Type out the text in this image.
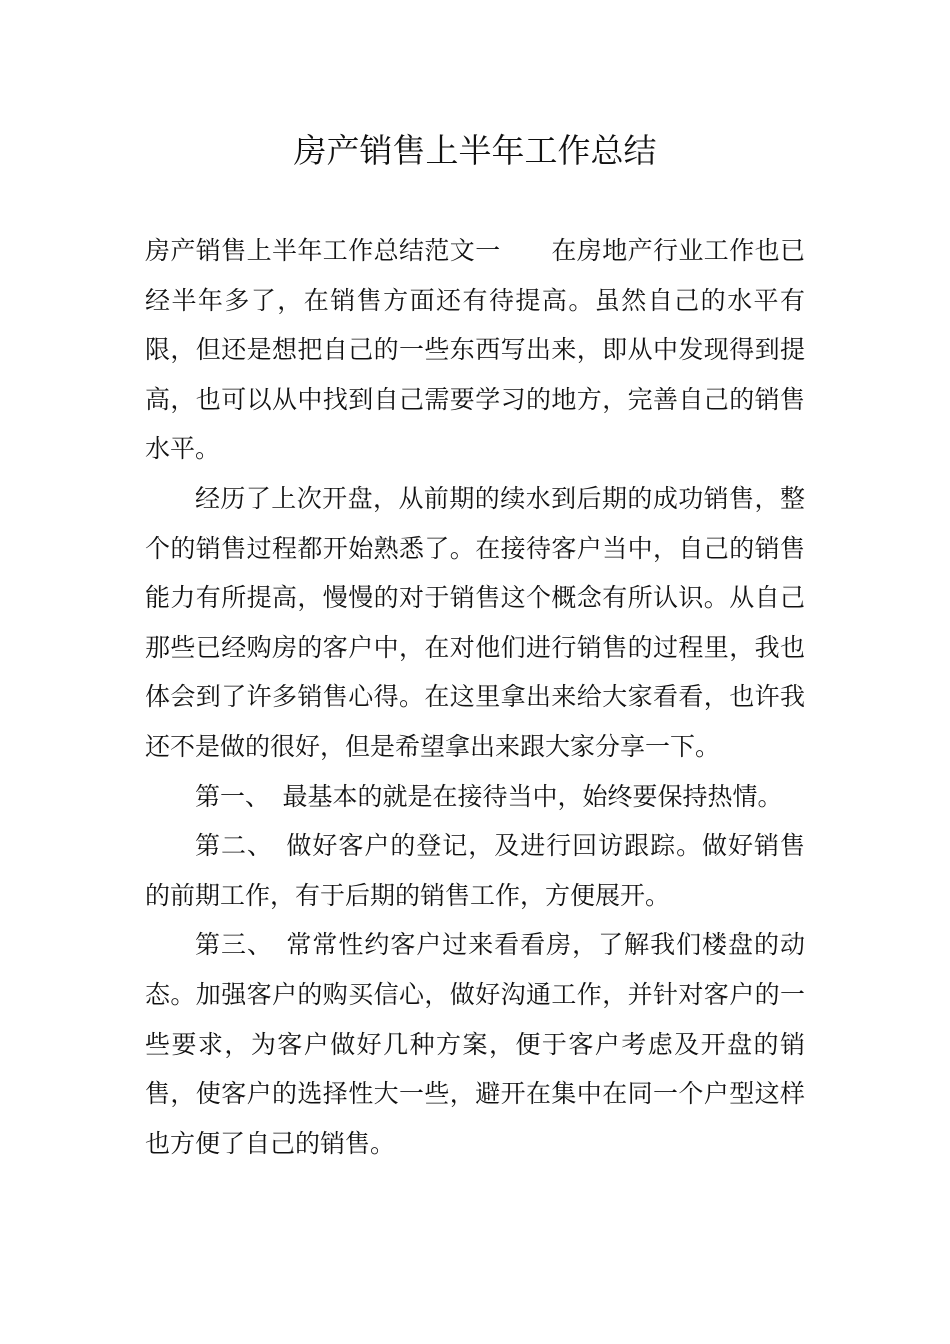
房产销售上半年工作总结

房产销售上半年工作总结范文一　　在房地产行业工作也已经半年多了，在销售方面还有待提高。虽然自己的水平有限，但还是想把自己的一些东西写出来，即从中发现得到提高，也可以从中找到自己需要学习的地方，完善自己的销售水平。

经历了上次开盘，从前期的续水到后期的成功销售，整个的销售过程都开始熟悉了。在接待客户当中，自己的销售能力有所提高，慢慢的对于销售这个概念有所认识。从自己那些已经购房的客户中，在对他们进行销售的过程里，我也体会到了许多销售心得。在这里拿出来给大家看看，也许我还不是做的很好，但是希望拿出来跟大家分享一下。

第一、　最基本的就是在接待当中，始终要保持热情。

第二、　做好客户的登记，及进行回访跟踪。做好销售的前期工作，有于后期的销售工作，方便展开。

第三、　常常性约客户过来看看房，了解我们楼盘的动态。加强客户的购买信心，做好沟通工作，并针对客户的一些要求，为客户做好几种方案，便于客户考虑及开盘的销售，使客户的选择性大一些，避开在集中在同一个户型这样也方便了自己的销售。
